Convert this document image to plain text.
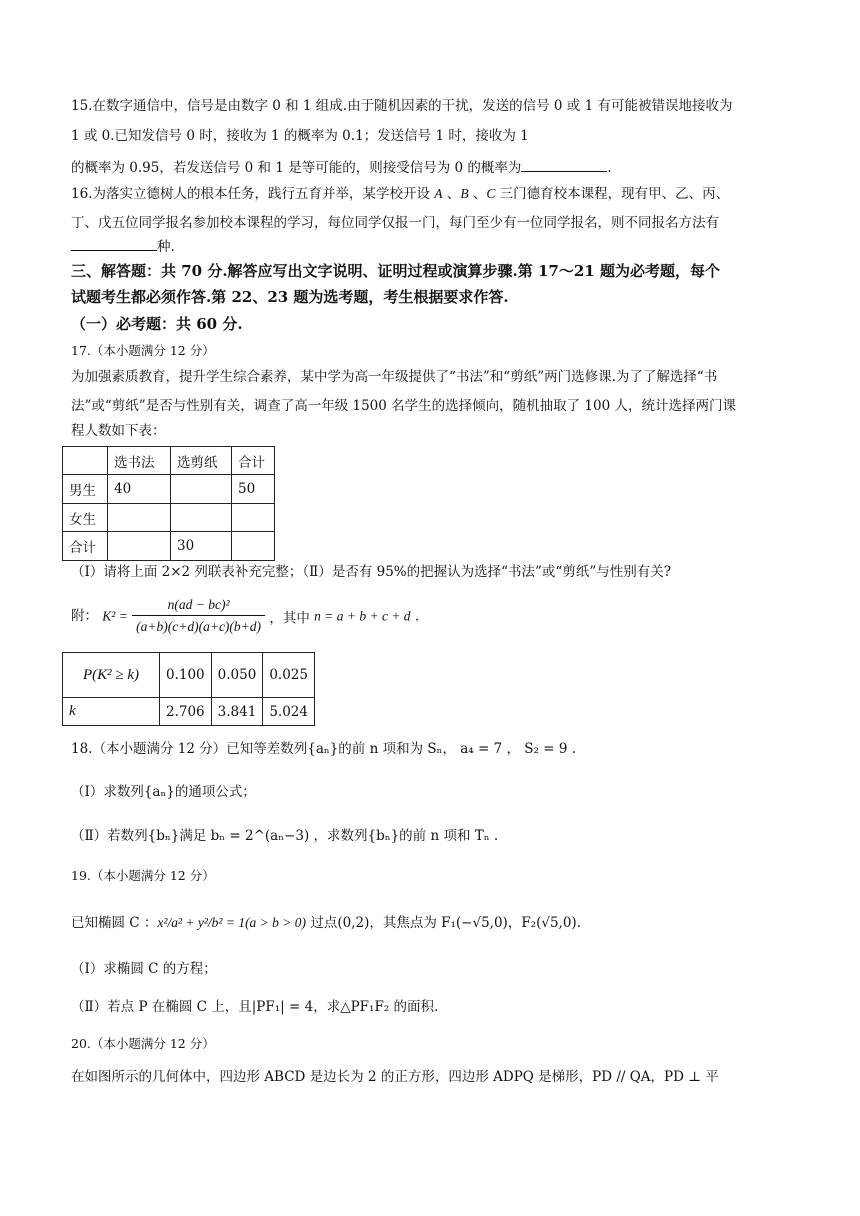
15.在数字通信中，信号是由数字 0 和 1 组成.由于随机因素的干扰，发送的信号 0 或 1 有可能被错误地接收为
1 或 0.已知发信号 0 时，接收为 1 的概率为 0.1；发送信号 1 时，接收为 1
的概率为 0.95，若发送信号 0 和 1 是等可能的，则接受信号为 0 的概率为	.
16.为落实立德树人的根本任务，践行五育并举，某学校开设 A 、B 、C 三门德育校本课程，现有甲、乙、丙、
丁、戊五位同学报名参加校本课程的学习，每位同学仅报一门，每门至少有一位同学报名，则不同报名方法有
种.
三、解答题：共 70 分.解答应写出文字说明、证明过程或演算步骤.第 17～21 题为必考题，每个
试题考生都必须作答.第 22、23 题为选考题，考生根据要求作答.
（一）必考题：共 60 分.
17.（本小题满分 12 分）
为加强素质教育，提升学生综合素养，某中学为高一年级提供了“书法”和“剪纸”两门选修课.为了了解选择“书
法”或“剪纸”是否与性别有关，调查了高一年级 1500 名学生的选择倾向，随机抽取了 100 人，统计选择两门课
程人数如下表：
	选书法	选剪纸	合计
男生	40		50
女生			
合计		30	
（Ⅰ）请将上面 2×2 列联表补充完整；（Ⅱ）是否有 95%的把握认为选择“书法”或“剪纸”与性别有关?
附： $K^2 = \frac{\text{n(ad − bc)²}}{(a+b)(c+d)(a+c)(b+d)}$ ，其中 n = a + b + c + d .
P(K² ≥ k)	0.100	0.050	0.025
k	2.706	3.841	5.024
18.（本小题满分 12 分）已知等差数列{aₙ}的前 n 项和为 Sₙ， a₄ = 7 ， S₂ = 9 .
（Ⅰ）求数列{aₙ}的通项公式；
（Ⅱ）若数列{bₙ}满足 bₙ = 2^(aₙ−3) ，求数列{bₙ}的前 n 项和 Tₙ .
19.（本小题满分 12 分）
已知椭圆 C ：x²/a² + y²/b² = 1(a > b > 0) 过点(0,2)，其焦点为 F₁(−√5,0)，F₂(√5,0).
（Ⅰ）求椭圆 C 的方程；
（Ⅱ）若点 P 在椭圆 C 上，且|PF₁| = 4，求△PF₁F₂ 的面积.
20.（本小题满分 12 分）
在如图所示的几何体中，四边形 ABCD 是边长为 2 的正方形，四边形 ADPQ 是梯形，PD // QA，PD ⊥ 平
